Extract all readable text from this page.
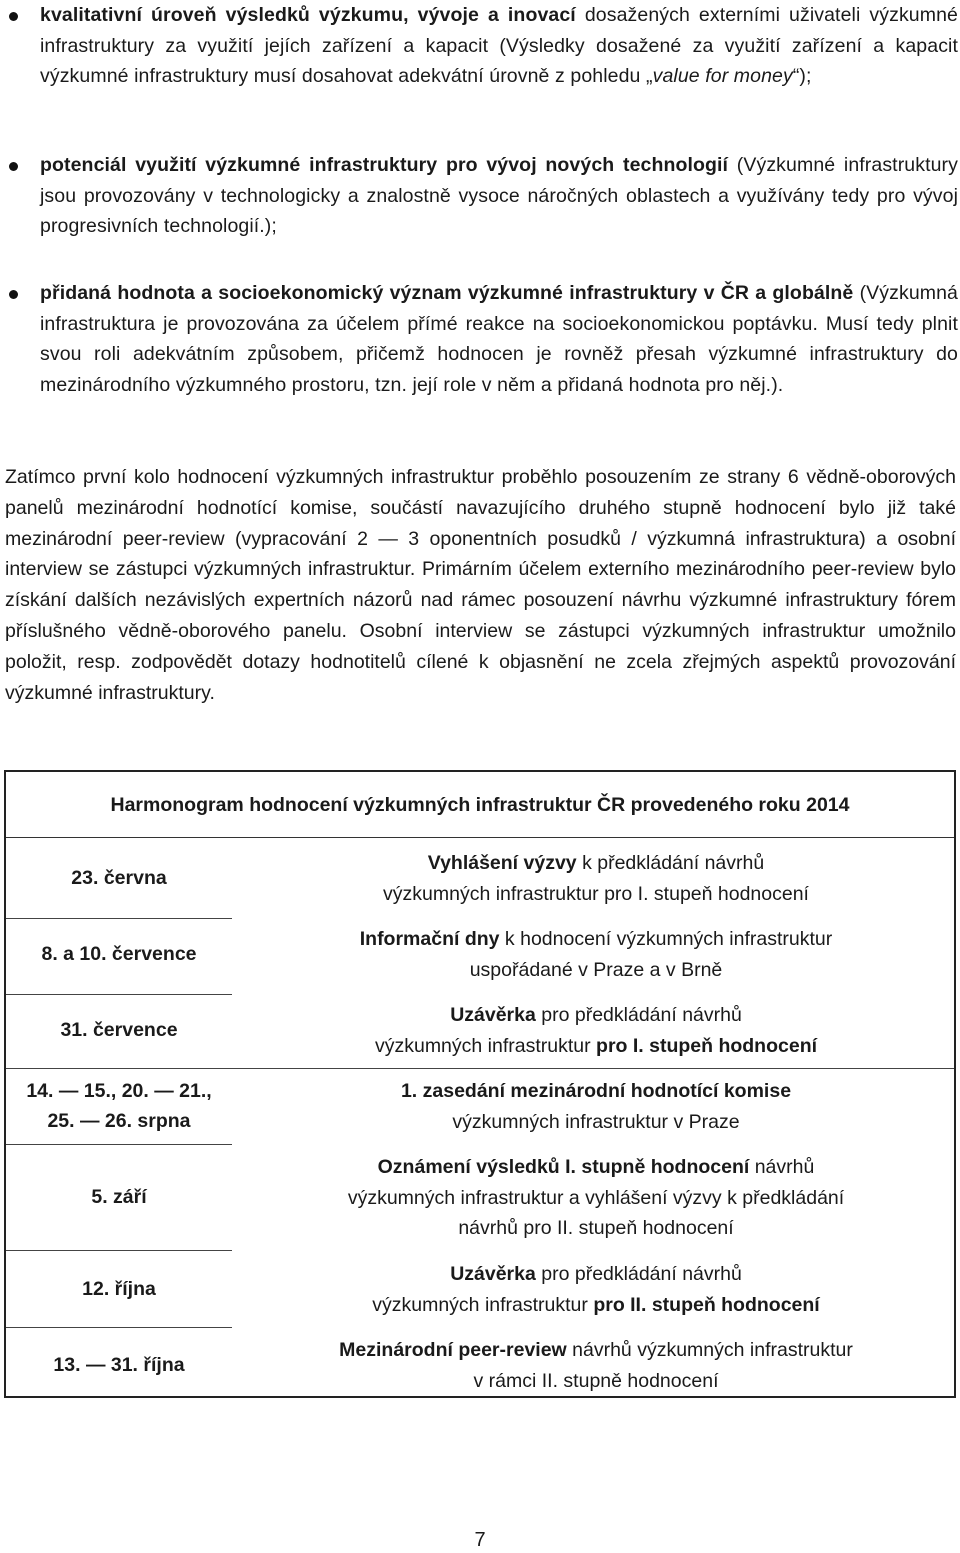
kvalitativní úroveň výsledků výzkumu, vývoje a inovací dosažených externími uživateli výzkumné infrastruktury za využití jejích zařízení a kapacit (Výsledky dosažené za využití zařízení a kapacit výzkumné infrastruktury musí dosahovat adekvátní úrovně z pohledu „value for money“);
potenciál využití výzkumné infrastruktury pro vývoj nových technologií (Výzkumné infrastruktury jsou provozovány v technologicky a znalostně vysoce náročných oblastech a využívány tedy pro vývoj progresivních technologií.);
přidaná hodnota a socioekonomický význam výzkumné infrastruktury v ČR a globálně (Výzkumná infrastruktura je provozována za účelem přímé reakce na socioekonomickou poptávku. Musí tedy plnit svou roli adekvátním způsobem, přičemž hodnocen je rovněž přesah výzkumné infrastruktury do mezinárodního výzkumného prostoru, tzn. její role v něm a přidaná hodnota pro něj.).
Zatímco první kolo hodnocení výzkumných infrastruktur proběhlo posouzením ze strany 6 vědně-oborových panelů mezinárodní hodnotící komise, součástí navazujícího druhého stupně hodnocení bylo již také mezinárodní peer-review (vypracování 2 — 3 oponentních posudků / výzkumná infrastruktura) a osobní interview se zástupci výzkumných infrastruktur. Primárním účelem externího mezinárodního peer-review bylo získání dalších nezávislých expertních názorů nad rámec posouzení návrhu výzkumné infrastruktury fórem příslušného vědně-oborového panelu. Osobní interview se zástupci výzkumných infrastruktur umožnilo položit, resp. zodpovědět dotazy hodnotitelů cílené k objasnění ne zcela zřejmých aspektů provozování výzkumné infrastruktury.
Harmonogram hodnocení výzkumných infrastruktur ČR provedeného roku 2014
23. června
Vyhlášení výzvy k předkládání návrhů
výzkumných infrastruktur pro I. stupeň hodnocení
8. a 10. července
Informační dny k hodnocení výzkumných infrastruktur
uspořádané v Praze a v Brně
31. července
Uzávěrka pro předkládání návrhů
výzkumných infrastruktur pro I. stupeň hodnocení
14. — 15., 20. — 21.,
25. — 26. srpna
1. zasedání mezinárodní hodnotící komise
výzkumných infrastruktur v Praze
5. září
Oznámení výsledků I. stupně hodnocení návrhů
výzkumných infrastruktur a vyhlášení výzvy k předkládání
návrhů pro II. stupeň hodnocení
12. října
Uzávěrka pro předkládání návrhů
výzkumných infrastruktur pro II. stupeň hodnocení
13. — 31. října
Mezinárodní peer-review návrhů výzkumných infrastruktur
v rámci II. stupně hodnocení
7
